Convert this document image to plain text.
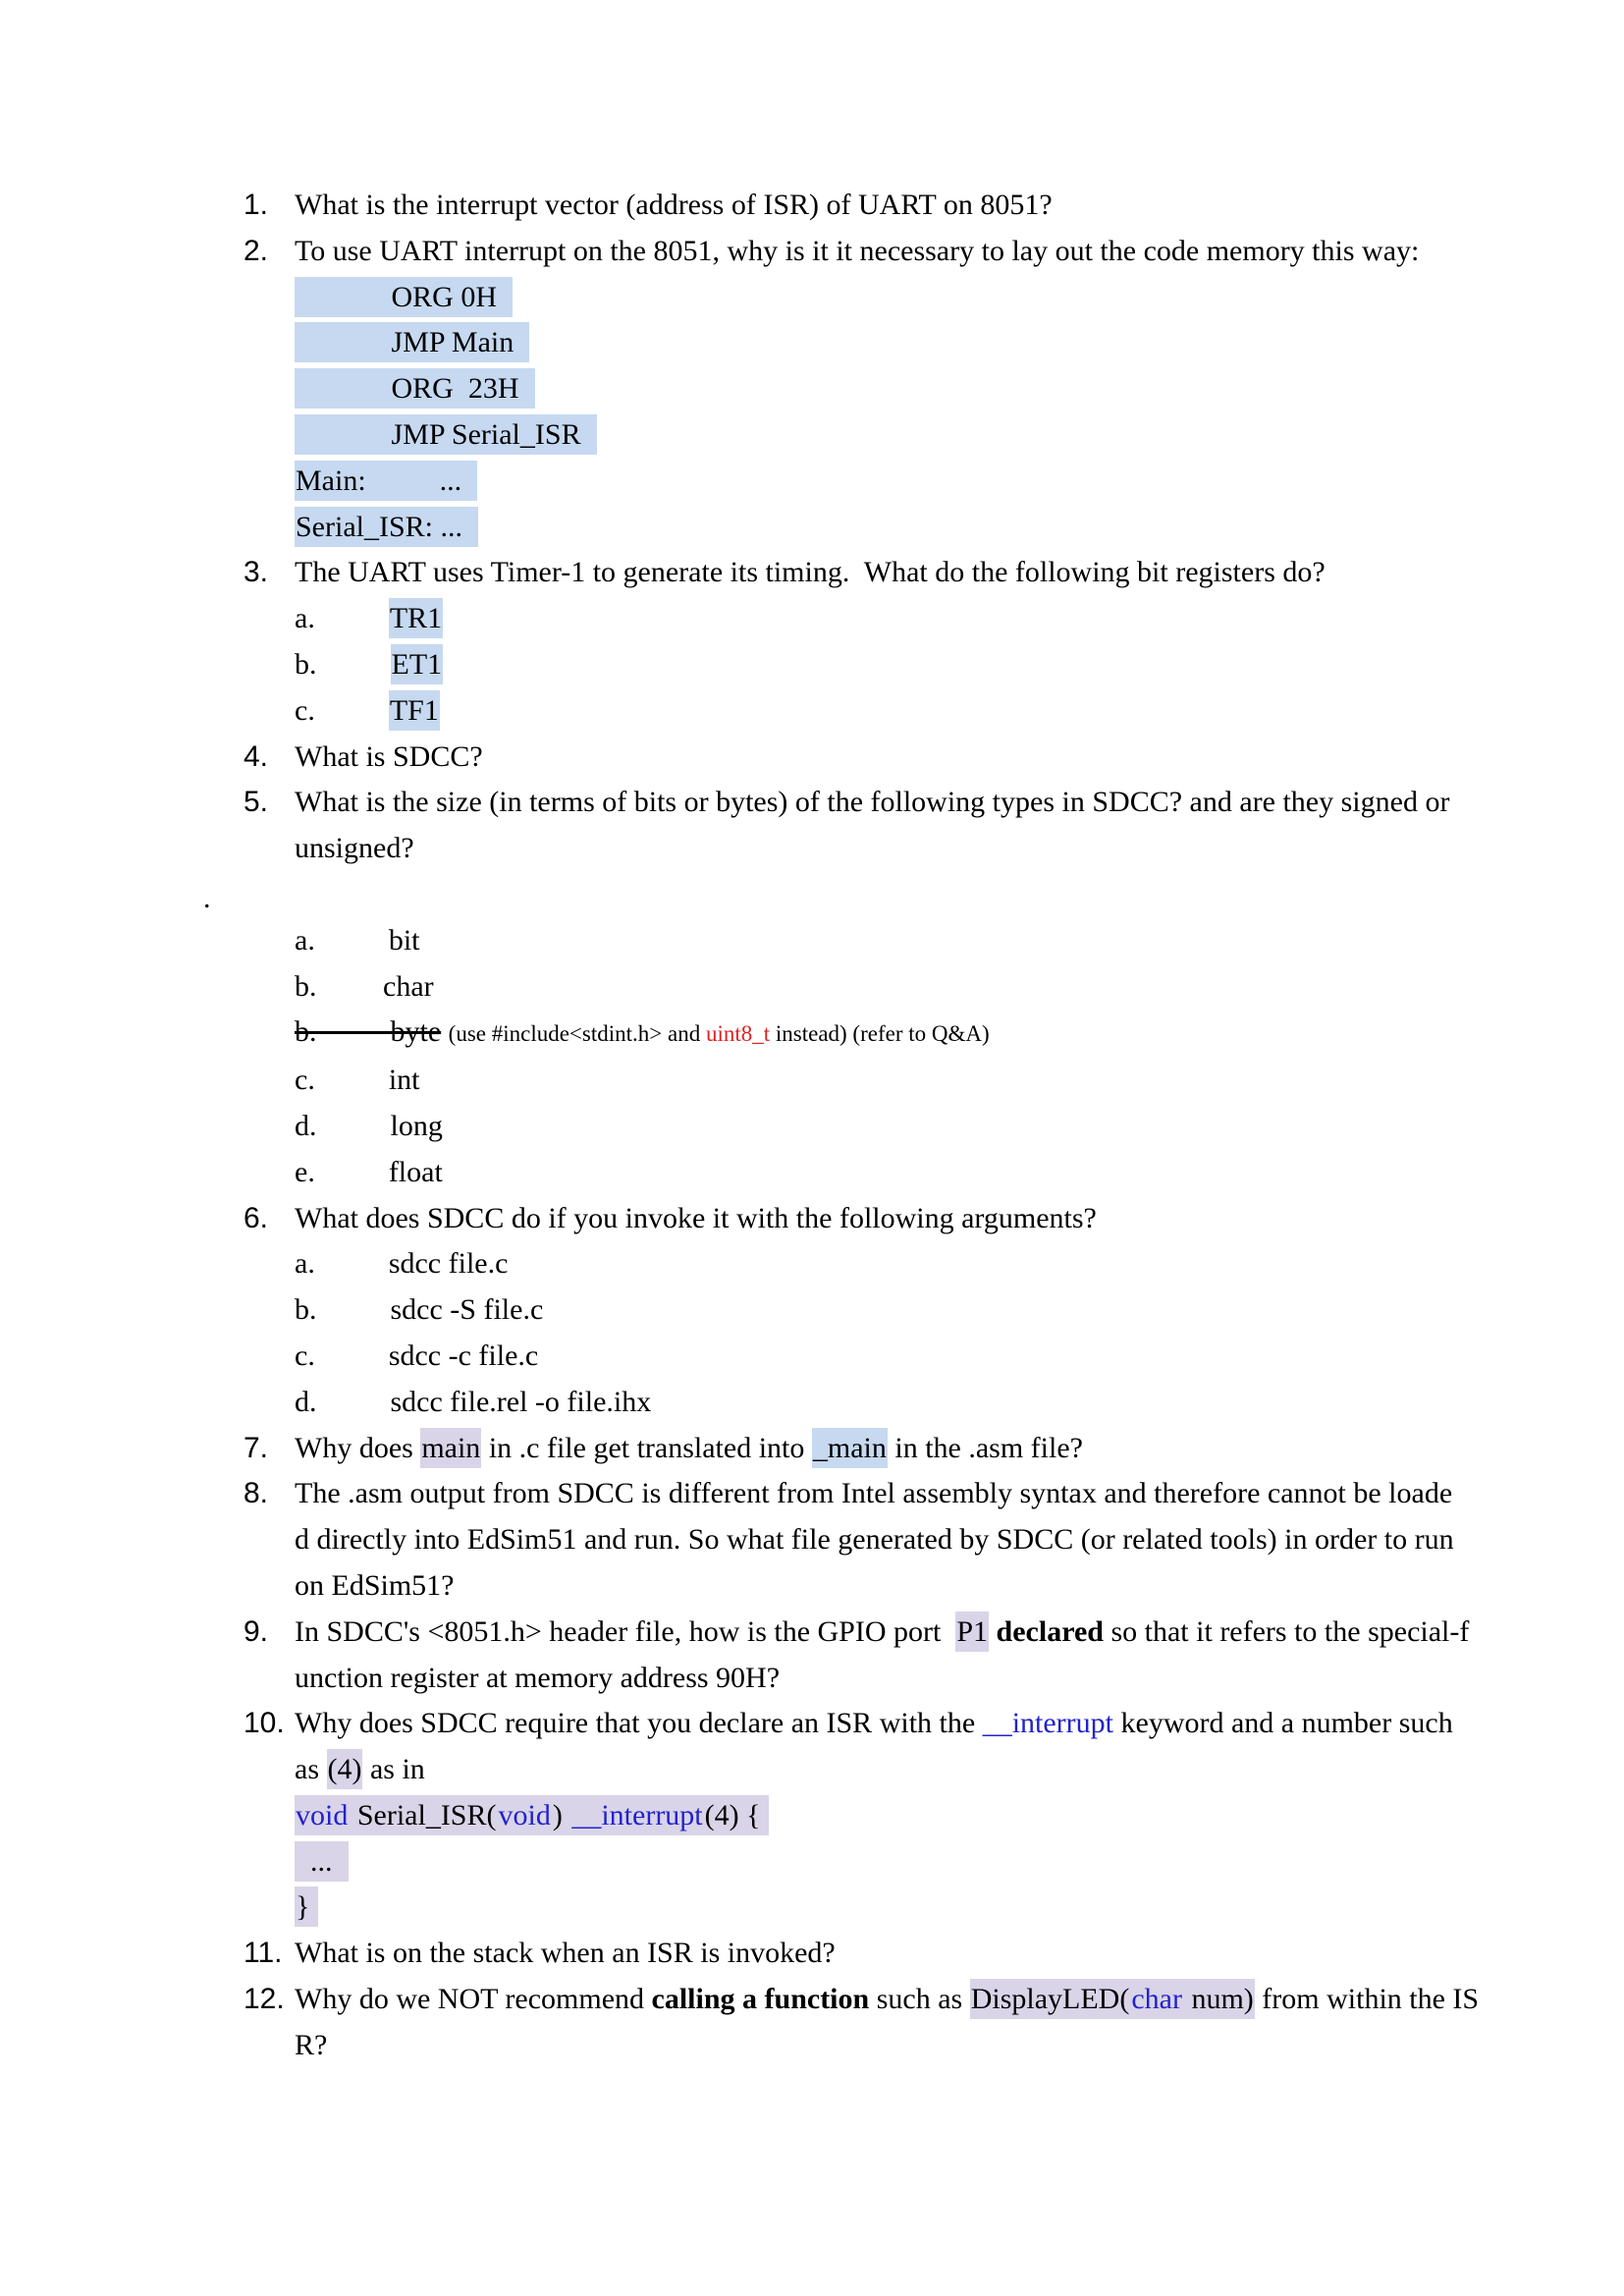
.
1. What is the interrupt vector (address of ISR) of UART on 8051?
2. To use UART interrupt on the 8051, why is it it necessary to lay out the code memory this way:
ORG 0H
JMP Main
ORG  23H
JMP Serial_ISR
Main:          ...
Serial_ISR: ...
3. The UART uses Timer-1 to generate its timing.  What do the following bit registers do?
a.          TR1
b.          ET1
c.          TF1
4. What is SDCC?
5. What is the size (in terms of bits or bytes) of the following types in SDCC? and are they signed or
unsigned?

a.          bit
b.         char
b.          byte (use #include<stdint.h> and uint8_t instead) (refer to Q&A)
c.          int
d.          long
e.          float
6. What does SDCC do if you invoke it with the following arguments?
a.          sdcc file.c
b.          sdcc -S file.c
c.          sdcc -c file.c
d.          sdcc file.rel -o file.ihx
7. Why does main in .c file get translated into _main in the .asm file?
8. The .asm output from SDCC is different from Intel assembly syntax and therefore cannot be loade
d directly into EdSim51 and run. So what file generated by SDCC (or related tools) in order to run
on EdSim51?
9. In SDCC's <8051.h> header file, how is the GPIO port  P1 declared so that it refers to the special-f
unction register at memory address 90H?
10. Why does SDCC require that you declare an ISR with the __interrupt keyword and a number such
as (4) as in
void Serial_ISR(void) __interrupt(4) {
...
}
11. What is on the stack when an ISR is invoked?
12. Why do we NOT recommend calling a function such as DisplayLED(char num) from within the IS
R?
